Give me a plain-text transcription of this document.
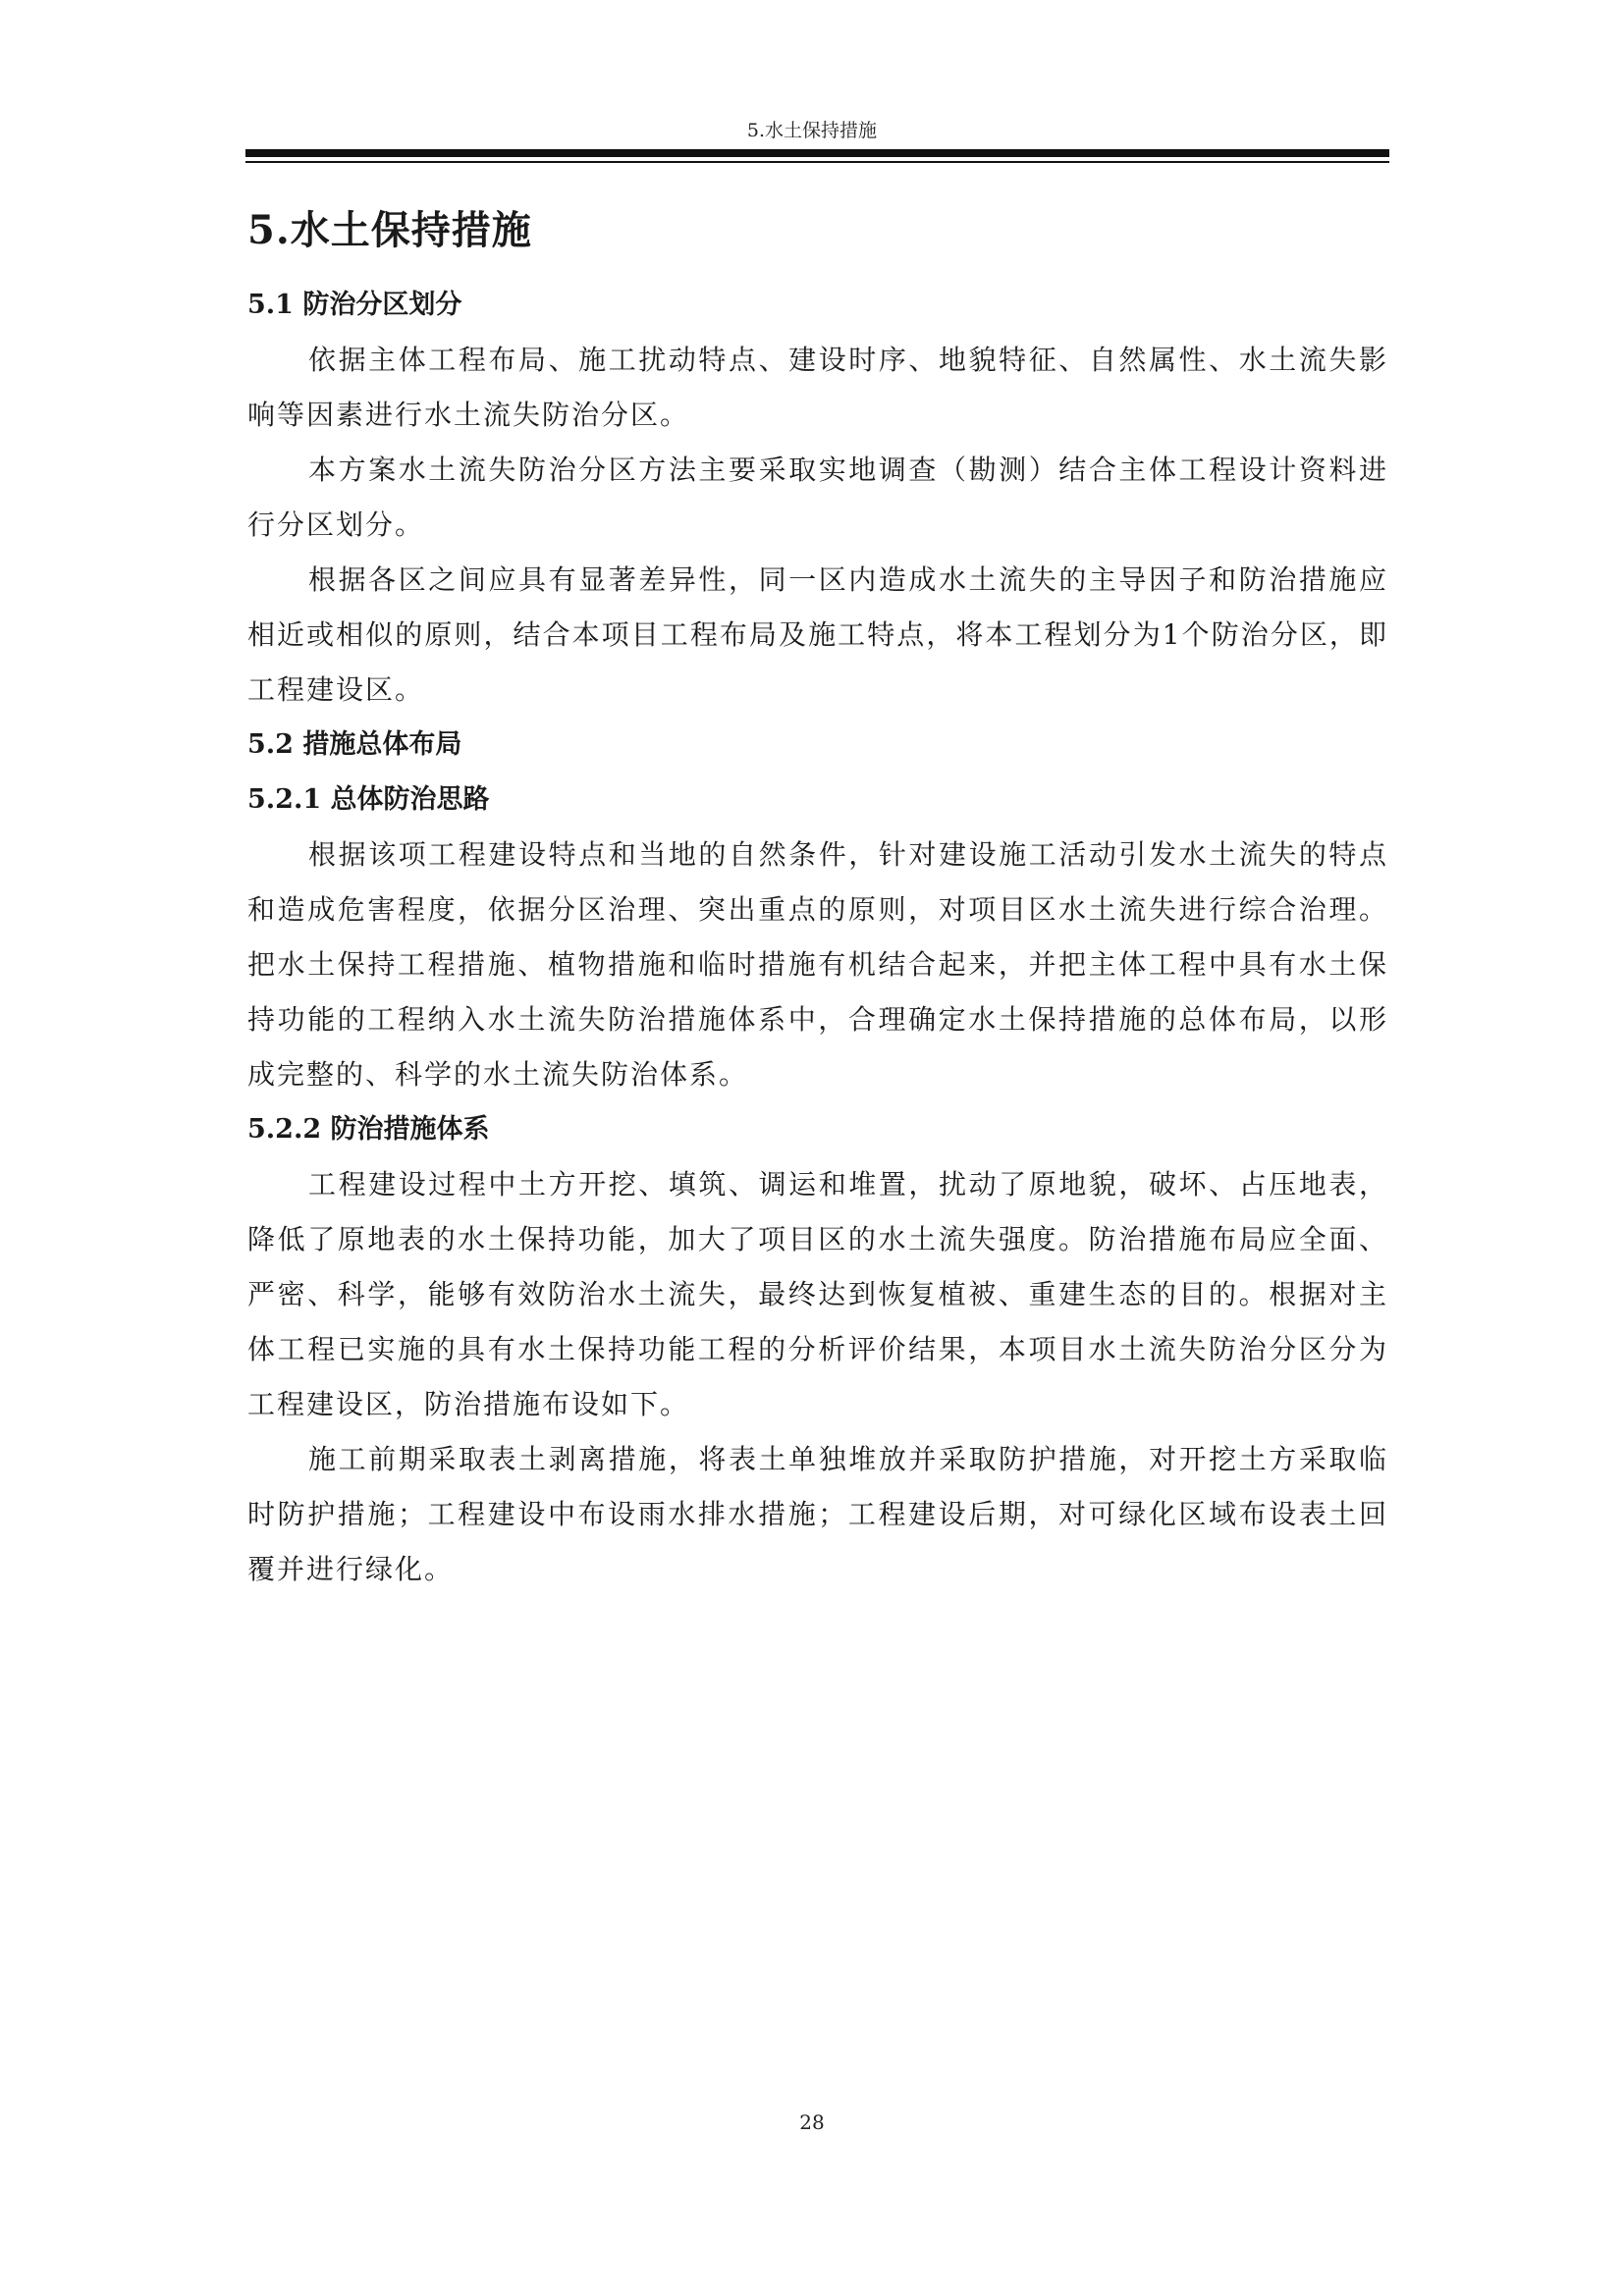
5.水土保持措施
5.水土保持措施
5.1 防治分区划分

依据主体工程布局、施工扰动特点、建设时序、地貌特征、自然属性、水土流失影响等因素进行水土流失防治分区。

本方案水土流失防治分区方法主要采取实地调查（勘测）结合主体工程设计资料进行分区划分。

根据各区之间应具有显著差异性，同一区内造成水土流失的主导因子和防治措施应相近或相似的原则，结合本项目工程布局及施工特点，将本工程划分为1个防治分区，即工程建设区。

5.2 措施总体布局
5.2.1 总体防治思路

根据该项工程建设特点和当地的自然条件，针对建设施工活动引发水土流失的特点和造成危害程度，依据分区治理、突出重点的原则，对项目区水土流失进行综合治理。把水土保持工程措施、植物措施和临时措施有机结合起来，并把主体工程中具有水土保持功能的工程纳入水土流失防治措施体系中，合理确定水土保持措施的总体布局，以形成完整的、科学的水土流失防治体系。

5.2.2 防治措施体系

工程建设过程中土方开挖、填筑、调运和堆置，扰动了原地貌，破坏、占压地表，降低了原地表的水土保持功能，加大了项目区的水土流失强度。防治措施布局应全面、严密、科学，能够有效防治水土流失，最终达到恢复植被、重建生态的目的。根据对主体工程已实施的具有水土保持功能工程的分析评价结果，本项目水土流失防治分区分为工程建设区，防治措施布设如下。

施工前期采取表土剥离措施，将表土单独堆放并采取防护措施，对开挖土方采取临时防护措施；工程建设中布设雨水排水措施；工程建设后期，对可绿化区域布设表土回覆并进行绿化。

28
